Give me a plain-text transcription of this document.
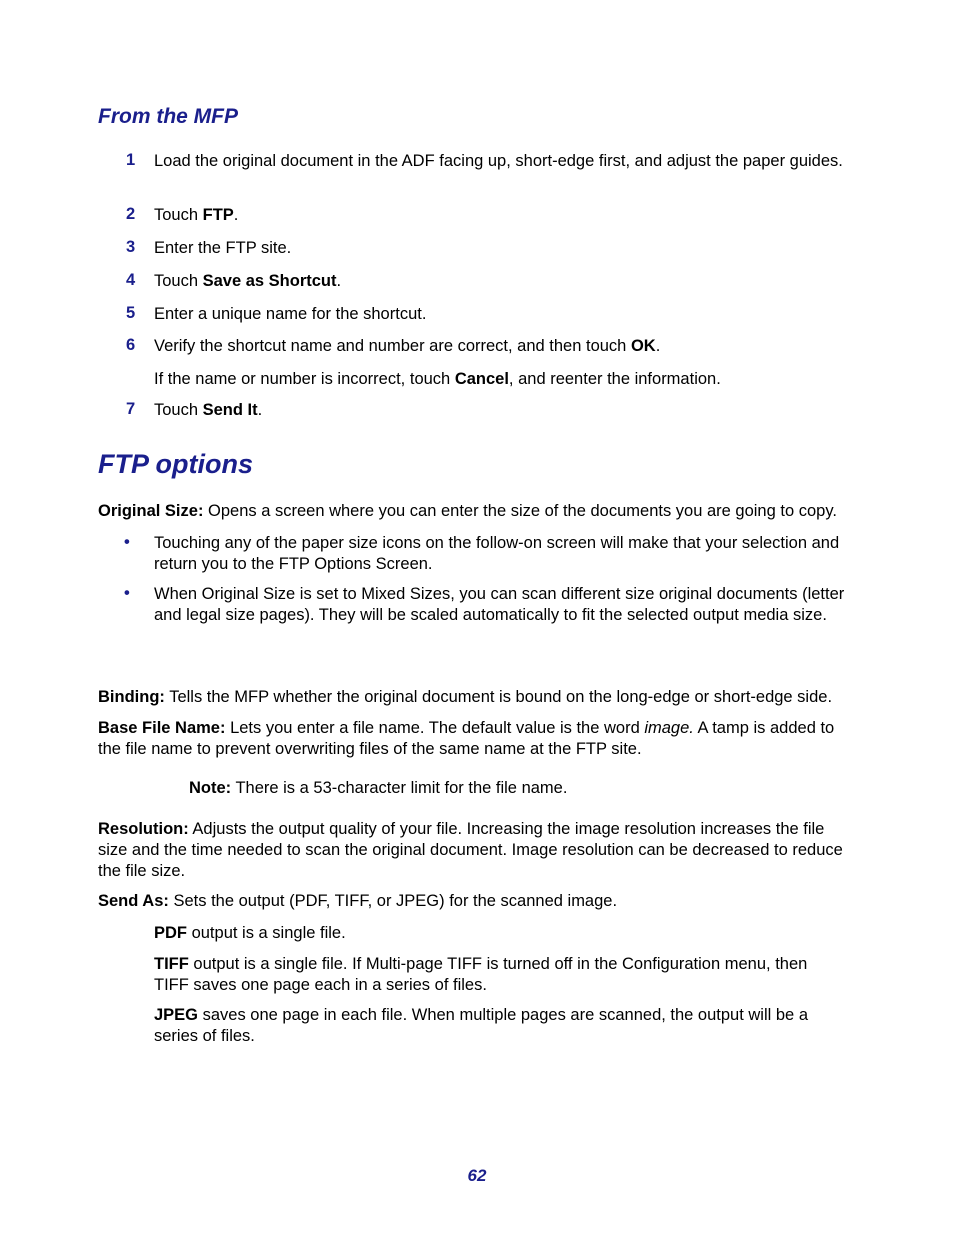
From the MFP
1 Load the original document in the ADF facing up, short-edge first, and adjust the paper guides.
2 Touch FTP.
3 Enter the FTP site.
4 Touch Save as Shortcut.
5 Enter a unique name for the shortcut.
6 Verify the shortcut name and number are correct, and then touch OK.
If the name or number is incorrect, touch Cancel, and reenter the information.
7 Touch Send It.
FTP options
Original Size: Opens a screen where you can enter the size of the documents you are going to copy.
• Touching any of the paper size icons on the follow-on screen will make that your selection and return you to the FTP Options Screen.
• When Original Size is set to Mixed Sizes, you can scan different size original documents (letter and legal size pages). They will be scaled automatically to fit the selected output media size.
Binding: Tells the MFP whether the original document is bound on the long-edge or short-edge side.
Base File Name: Lets you enter a file name. The default value is the word image. A tamp is added to the file name to prevent overwriting files of the same name at the FTP site.
Note: There is a 53-character limit for the file name.
Resolution: Adjusts the output quality of your file. Increasing the image resolution increases the file size and the time needed to scan the original document. Image resolution can be decreased to reduce the file size.
Send As: Sets the output (PDF, TIFF, or JPEG) for the scanned image.
PDF output is a single file.
TIFF output is a single file. If Multi-page TIFF is turned off in the Configuration menu, then TIFF saves one page each in a series of files.
JPEG saves one page in each file. When multiple pages are scanned, the output will be a series of files.
62
